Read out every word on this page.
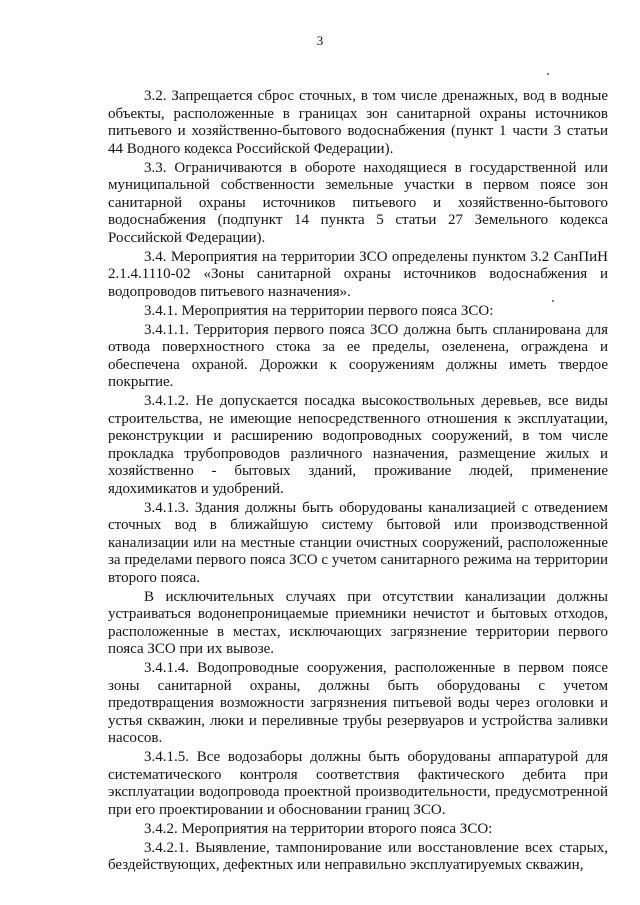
3

3.2. Запрещается сброс сточных, в том числе дренажных, вод в водные объекты, расположенные в границах зон санитарной охраны источников питьевого и хозяйственно-бытового водоснабжения (пункт 1 части 3 статьи 44 Водного кодекса Российской Федерации).

3.3. Ограничиваются в обороте находящиеся в государственной или муниципальной собственности земельные участки в первом поясе зон санитарной охраны источников питьевого и хозяйственно-бытового водоснабжения (подпункт 14 пункта 5 статьи 27 Земельного кодекса Российской Федерации).

3.4. Мероприятия на территории ЗСО определены пунктом 3.2 СанПиН 2.1.4.1110-02 «Зоны санитарной охраны источников водоснабжения и водопроводов питьевого назначения».

3.4.1. Мероприятия на территории первого пояса ЗСО:

3.4.1.1. Территория первого пояса ЗСО должна быть спланирована для отвода поверхностного стока за ее пределы, озеленена, ограждена и обеспечена охраной. Дорожки к сооружениям должны иметь твердое покрытие.

3.4.1.2. Не допускается посадка высокоствольных деревьев, все виды строительства, не имеющие непосредственного отношения к эксплуатации, реконструкции и расширению водопроводных сооружений, в том числе прокладка трубопроводов различного назначения, размещение жилых и хозяйственно - бытовых зданий, проживание людей, применение ядохимикатов и удобрений.

3.4.1.3. Здания должны быть оборудованы канализацией с отведением сточных вод в ближайшую систему бытовой или производственной канализации или на местные станции очистных сооружений, расположенные за пределами первого пояса ЗСО с учетом санитарного режима на территории второго пояса.

В исключительных случаях при отсутствии канализации должны устраиваться водонепроницаемые приемники нечистот и бытовых отходов, расположенные в местах, исключающих загрязнение территории первого пояса ЗСО при их вывозе.

3.4.1.4. Водопроводные сооружения, расположенные в первом поясе зоны санитарной охраны, должны быть оборудованы с учетом предотвращения возможности загрязнения питьевой воды через оголовки и устья скважин, люки и переливные трубы резервуаров и устройства заливки насосов.

3.4.1.5. Все водозаборы должны быть оборудованы аппаратурой для систематического контроля соответствия фактического дебита при эксплуатации водопровода проектной производительности, предусмотренной при его проектировании и обосновании границ ЗСО.

3.4.2. Мероприятия на территории второго пояса ЗСО:

3.4.2.1. Выявление, тампонирование или восстановление всех старых, бездействующих, дефектных или неправильно эксплуатируемых скважин,
